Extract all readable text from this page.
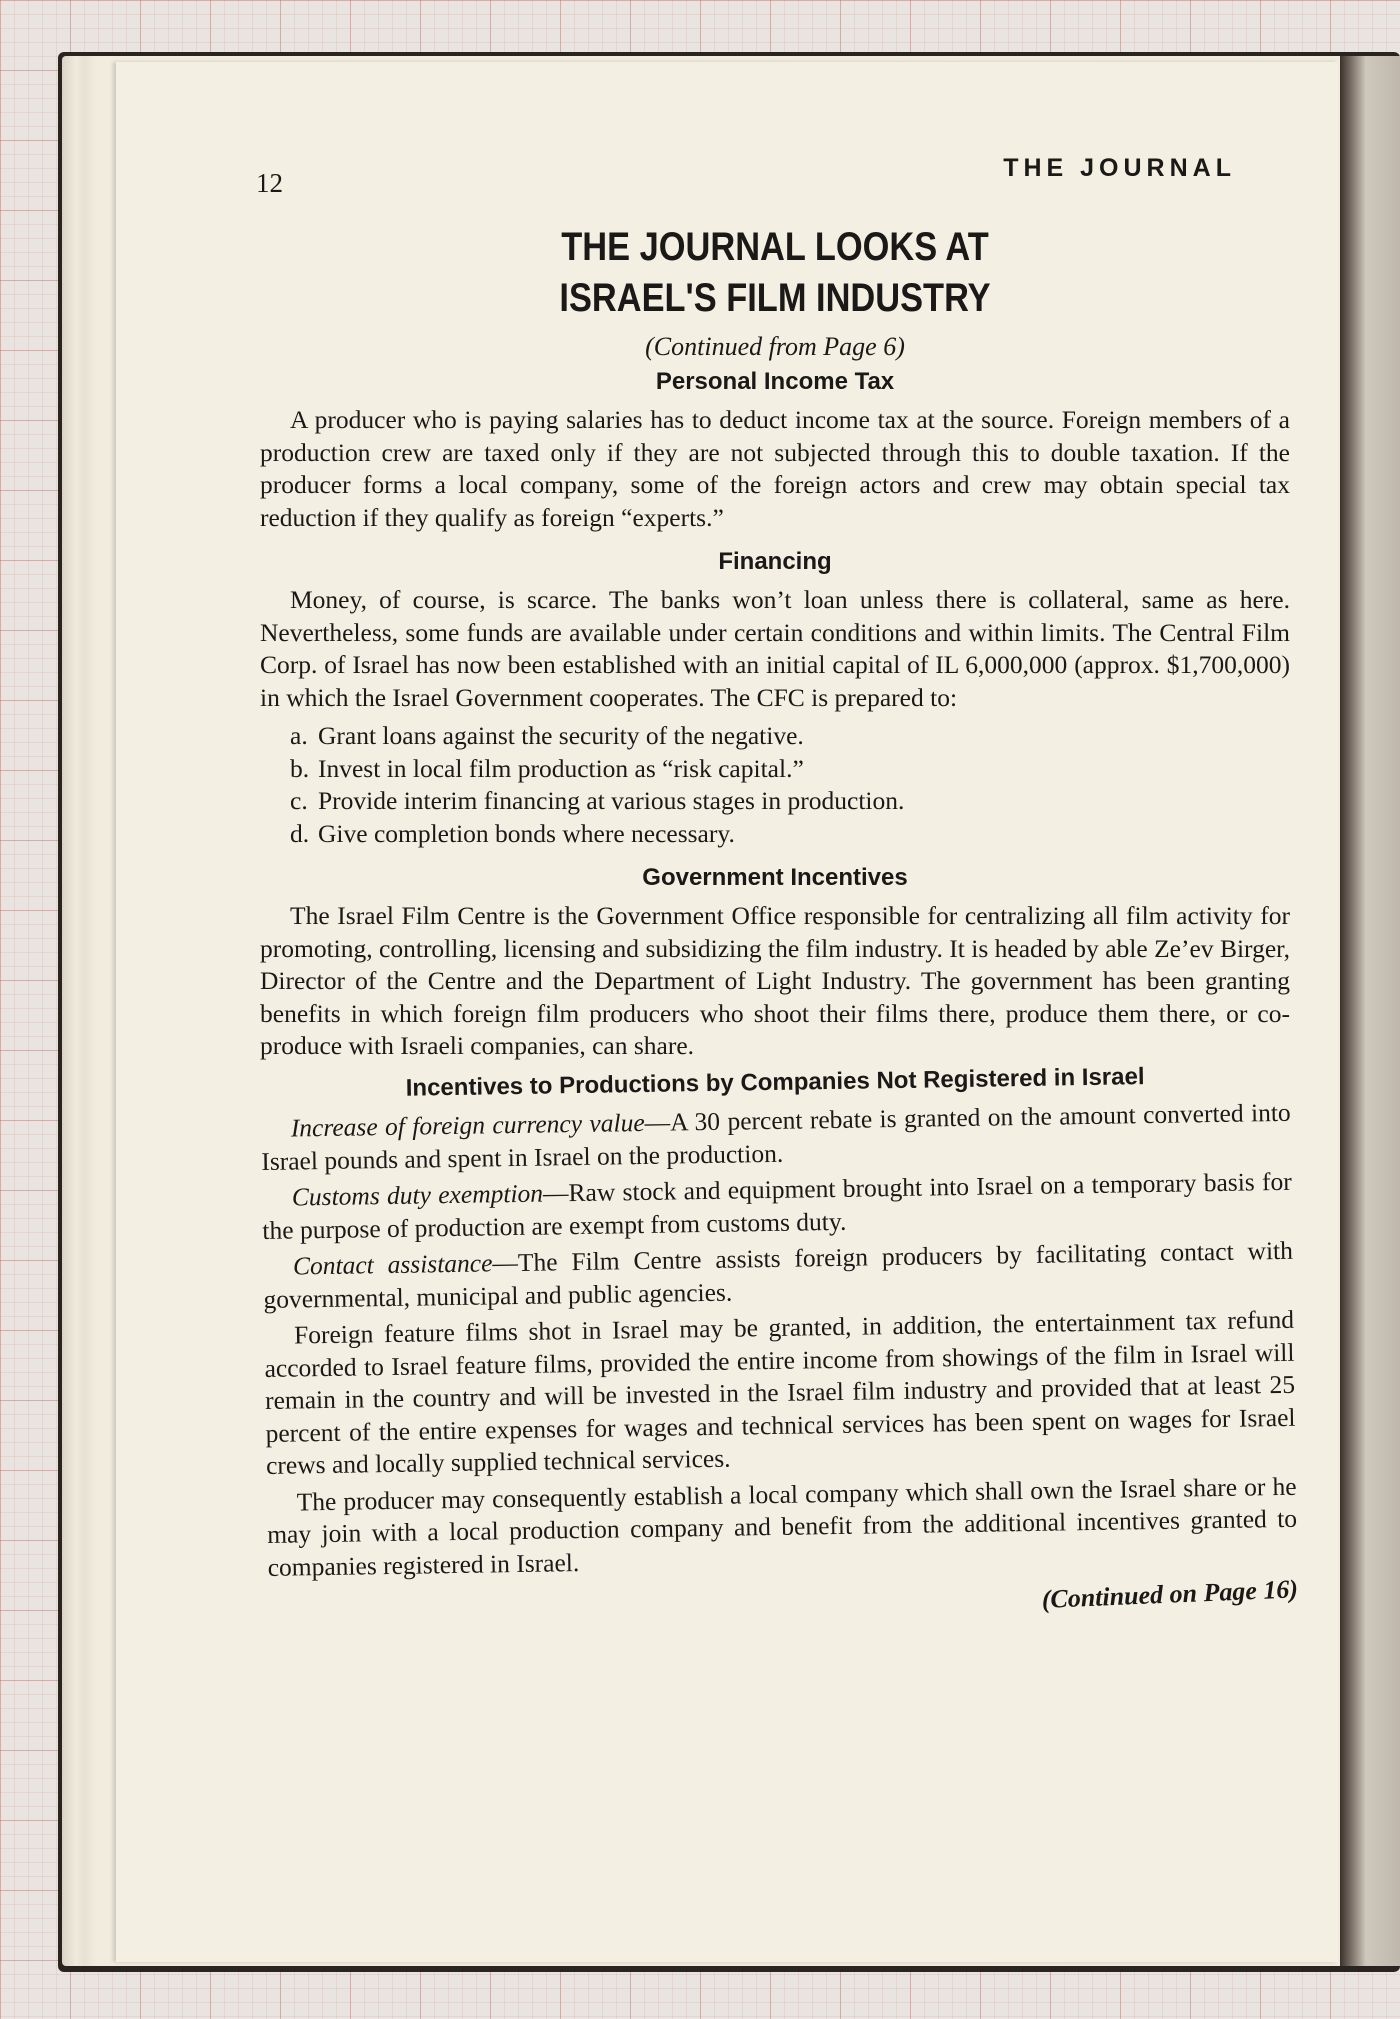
12	THE JOURNAL
THE JOURNAL LOOKS AT
ISRAEL'S FILM INDUSTRY
(Continued from Page 6)
Personal Income Tax

A producer who is paying salaries has to deduct income tax at the source. Foreign members of a production crew are taxed only if they are not subjected through this to double taxation. If the producer forms a local company, some of the foreign actors and crew may obtain special tax reduction if they qualify as foreign “experts.”

Financing

Money, of course, is scarce. The banks won’t loan unless there is collateral, same as here. Nevertheless, some funds are available under certain conditions and within limits. The Central Film Corp. of Israel has now been established with an initial capital of IL 6,000,000 (approx. $1,700,000) in which the Israel Government cooperates. The CFC is prepared to:

a. Grant loans against the security of the negative.
b. Invest in local film production as “risk capital.”
c. Provide interim financing at various stages in production.
d. Give completion bonds where necessary.
Government Incentives

The Israel Film Centre is the Government Office responsible for centralizing all film activity for promoting, controlling, licensing and subsidizing the film industry. It is headed by able Ze’ev Birger, Director of the Centre and the Department of Light Industry. The government has been granting benefits in which foreign film producers who shoot their films there, produce them there, or co-produce with Israeli companies, can share.

Incentives to Productions by Companies Not Registered in Israel

Increase of foreign currency value—A 30 percent rebate is granted on the amount converted into Israel pounds and spent in Israel on the production.

Customs duty exemption—Raw stock and equipment brought into Israel on a temporary basis for the purpose of production are exempt from customs duty.

Contact assistance—The Film Centre assists foreign producers by facilitating contact with governmental, municipal and public agencies.

Foreign feature films shot in Israel may be granted, in addition, the entertainment tax refund accorded to Israel feature films, provided the entire income from showings of the film in Israel will remain in the country and will be invested in the Israel film industry and provided that at least 25 percent of the entire expenses for wages and technical services has been spent on wages for Israel crews and locally supplied technical services.

The producer may consequently establish a local company which shall own the Israel share or he may join with a local production company and benefit from the additional incentives granted to companies registered in Israel.

(Continued on Page 16)
